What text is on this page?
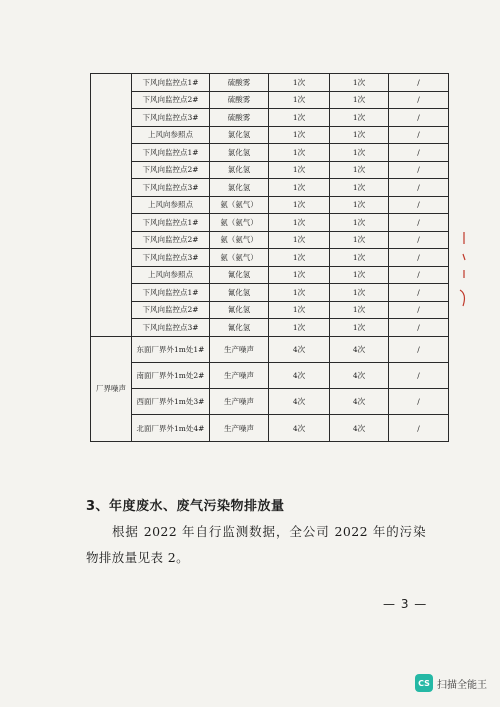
	下风向监控点1#	硫酸雾	1次	1次	/
	下风向监控点2#	硫酸雾	1次	1次	/
	下风向监控点3#	硫酸雾	1次	1次	/
	上风向参照点	氯化氢	1次	1次	/
	下风向监控点1#	氯化氢	1次	1次	/
	下风向监控点2#	氯化氢	1次	1次	/
	下风向监控点3#	氯化氢	1次	1次	/
	上风向参照点	氨（氨气）	1次	1次	/
	下风向监控点1#	氨（氨气）	1次	1次	/
	下风向监控点2#	氨（氨气）	1次	1次	/
	下风向监控点3#	氨（氨气）	1次	1次	/
	上风向参照点	氰化氢	1次	1次	/
	下风向监控点1#	氰化氢	1次	1次	/
	下风向监控点2#	氰化氢	1次	1次	/
	下风向监控点3#	氰化氢	1次	1次	/
厂界噪声	东面厂界外1m处1#	生产噪声	4次	4次	/
	南面厂界外1m处2#	生产噪声	4次	4次	/
	西面厂界外1m处3#	生产噪声	4次	4次	/
	北面厂界外1m处4#	生产噪声	4次	4次	/
3、年度废水、废气污染物排放量
根据 2022 年自行监测数据，全公司 2022 年的污染物排放量见表 2。
— 3 —
CS 扫描全能王
